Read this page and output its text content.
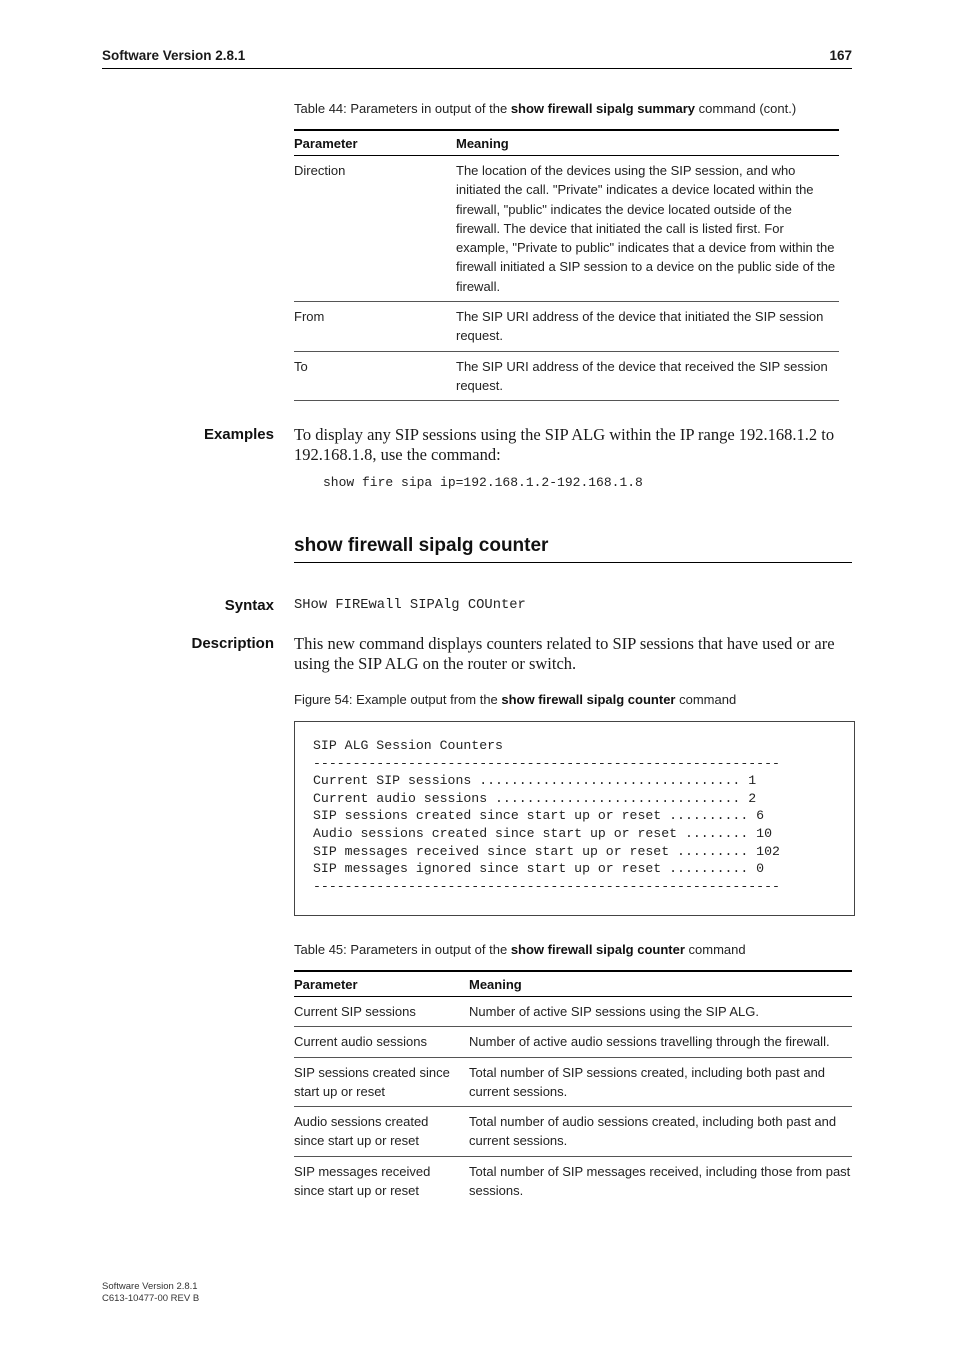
Software Version 2.8.1	167
Table 44: Parameters in output of the show firewall sipalg summary command (cont.)
Parameter	Meaning
Direction	The location of the devices using the SIP session, and who initiated the call. "Private" indicates a device located within the firewall, "public" indicates the device located outside of the firewall. The device that initiated the call is listed first. For example, "Private to public" indicates that a device from within the firewall initiated a SIP session to a device on the public side of the firewall.
From	The SIP URI address of the device that initiated the SIP session request.
To	The SIP URI address of the device that received the SIP session request.
Examples To display any SIP sessions using the SIP ALG within the IP range 192.168.1.2 to 192.168.1.8, use the command:
show fire sipa ip=192.168.1.2-192.168.1.8
show firewall sipalg counter
Syntax SHow FIREwall SIPAlg COUnter
Description This new command displays counters related to SIP sessions that have used or are using the SIP ALG on the router or switch.
Figure 54: Example output from the show firewall sipalg counter command
SIP ALG Session Counters
-----------------------------------------------------------
Current SIP sessions ................................. 1
Current audio sessions ............................... 2
SIP sessions created since start up or reset .......... 6
Audio sessions created since start up or reset ........ 10
SIP messages received since start up or reset ......... 102
SIP messages ignored since start up or reset .......... 0
-----------------------------------------------------------
Table 45: Parameters in output of the show firewall sipalg counter command
Parameter	Meaning
Current SIP sessions	Number of active SIP sessions using the SIP ALG.
Current audio sessions	Number of active audio sessions travelling through the firewall.
SIP sessions created since start up or reset	Total number of SIP sessions created, including both past and current sessions.
Audio sessions created since start up or reset	Total number of audio sessions created, including both past and current sessions.
SIP messages received since start up or reset	Total number of SIP messages received, including those from past sessions.
Software Version 2.8.1
C613-10477-00 REV B
